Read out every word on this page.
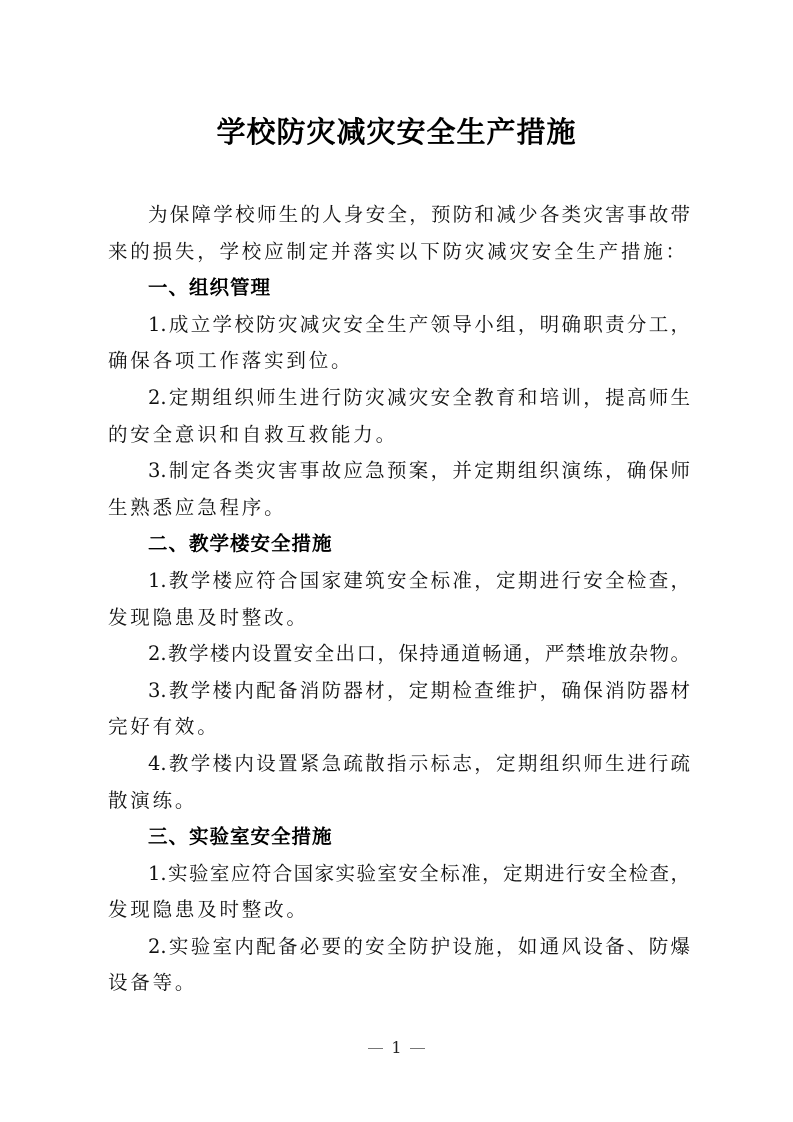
学校防灾减灾安全生产措施
为保障学校师生的人身安全，预防和减少各类灾害事故带
来的损失，学校应制定并落实以下防灾减灾安全生产措施：
一、组织管理
1.成立学校防灾减灾安全生产领导小组，明确职责分工，
确保各项工作落实到位。
2.定期组织师生进行防灾减灾安全教育和培训，提高师生
的安全意识和自救互救能力。
3.制定各类灾害事故应急预案，并定期组织演练，确保师
生熟悉应急程序。
二、教学楼安全措施
1.教学楼应符合国家建筑安全标准，定期进行安全检查，
发现隐患及时整改。
2.教学楼内设置安全出口，保持通道畅通，严禁堆放杂物。
3.教学楼内配备消防器材，定期检查维护，确保消防器材
完好有效。
4.教学楼内设置紧急疏散指示标志，定期组织师生进行疏
散演练。
三、实验室安全措施
1.实验室应符合国家实验室安全标准，定期进行安全检查，
发现隐患及时整改。
2.实验室内配备必要的安全防护设施，如通风设备、防爆
设备等。
1
